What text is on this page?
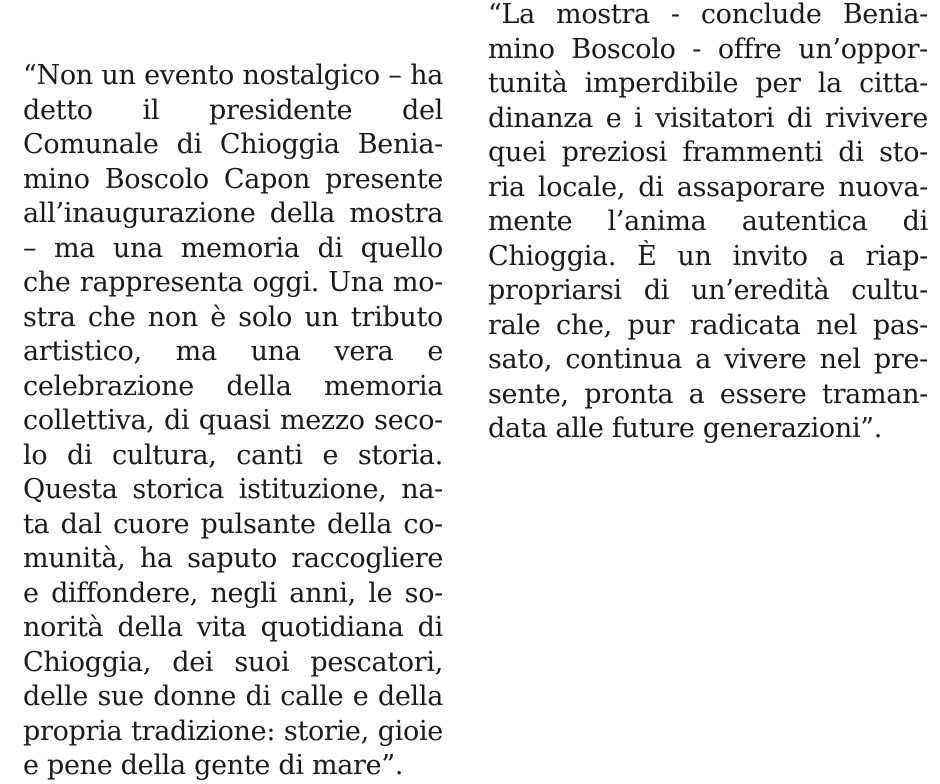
“La mostra - conclude Benia-
mino Boscolo - offre un’oppor-
tunità imperdibile per la citta-
dinanza e i visitatori di rivivere
quei preziosi frammenti di sto-
ria locale, di assaporare nuova-
mente l’anima autentica di
Chioggia. È un invito a riap-
propriarsi di un’eredità cultu-
rale che, pur radicata nel pas-
sato, continua a vivere nel pre-
sente, pronta a essere traman-
data alle future generazioni”.
“Non un evento nostalgico – ha
detto il presidente del
Comunale di Chioggia Benia-
mino Boscolo Capon presente
all’inaugurazione della mostra
– ma una memoria di quello
che rappresenta oggi. Una mo-
stra che non è solo un tributo
artistico, ma una vera e
celebrazione della memoria
collettiva, di quasi mezzo seco-
lo di cultura, canti e storia.
Questa storica istituzione, na-
ta dal cuore pulsante della co-
munità, ha saputo raccogliere
e diffondere, negli anni, le so-
norità della vita quotidiana di
Chioggia, dei suoi pescatori,
delle sue donne di calle e della
propria tradizione: storie, gioie
e pene della gente di mare”.
